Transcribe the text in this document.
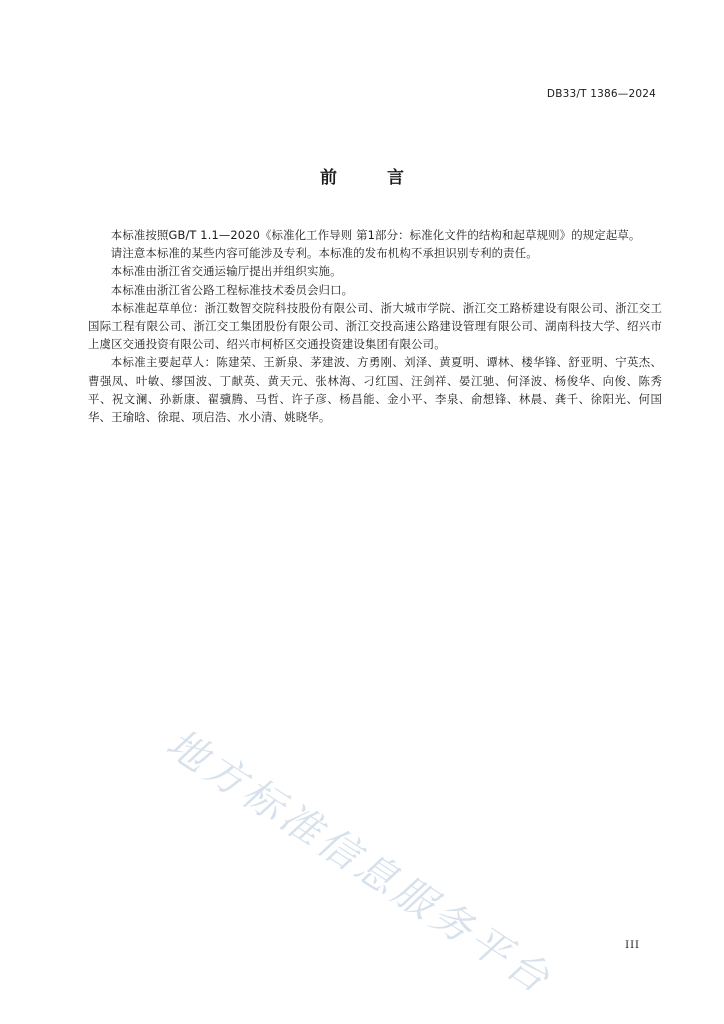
DB33/T 1386—2024
前 言

本标准按照GB/T 1.1—2020《标准化工作导则 第1部分：标准化文件的结构和起草规则》的规定起草。

请注意本标准的某些内容可能涉及专利。本标准的发布机构不承担识别专利的责任。

本标准由浙江省交通运输厅提出并组织实施。

本标准由浙江省公路工程标准技术委员会归口。

本标准起草单位：浙江数智交院科技股份有限公司、浙大城市学院、浙江交工路桥建设有限公司、浙江交工国际工程有限公司、浙江交工集团股份有限公司、浙江交投高速公路建设管理有限公司、湖南科技大学、绍兴市上虞区交通投资有限公司、绍兴市柯桥区交通投资建设集团有限公司。

本标准主要起草人：陈建荣、王新泉、茅建波、方勇刚、刘泽、黄夏明、谭林、楼华锋、舒亚明、宁英杰、曹强凤、叶敏、缪国波、丁献英、黄天元、张林海、刁红国、汪剑祥、晏江驰、何泽波、杨俊华、向俊、陈秀平、祝文澜、孙新康、翟骥腾、马哲、许子彦、杨昌能、金小平、李泉、俞想锋、林晨、龚千、徐阳光、何国华、王瑜晗、徐琨、项启浩、水小清、姚晓华。

地方标准信息服务平台	III
